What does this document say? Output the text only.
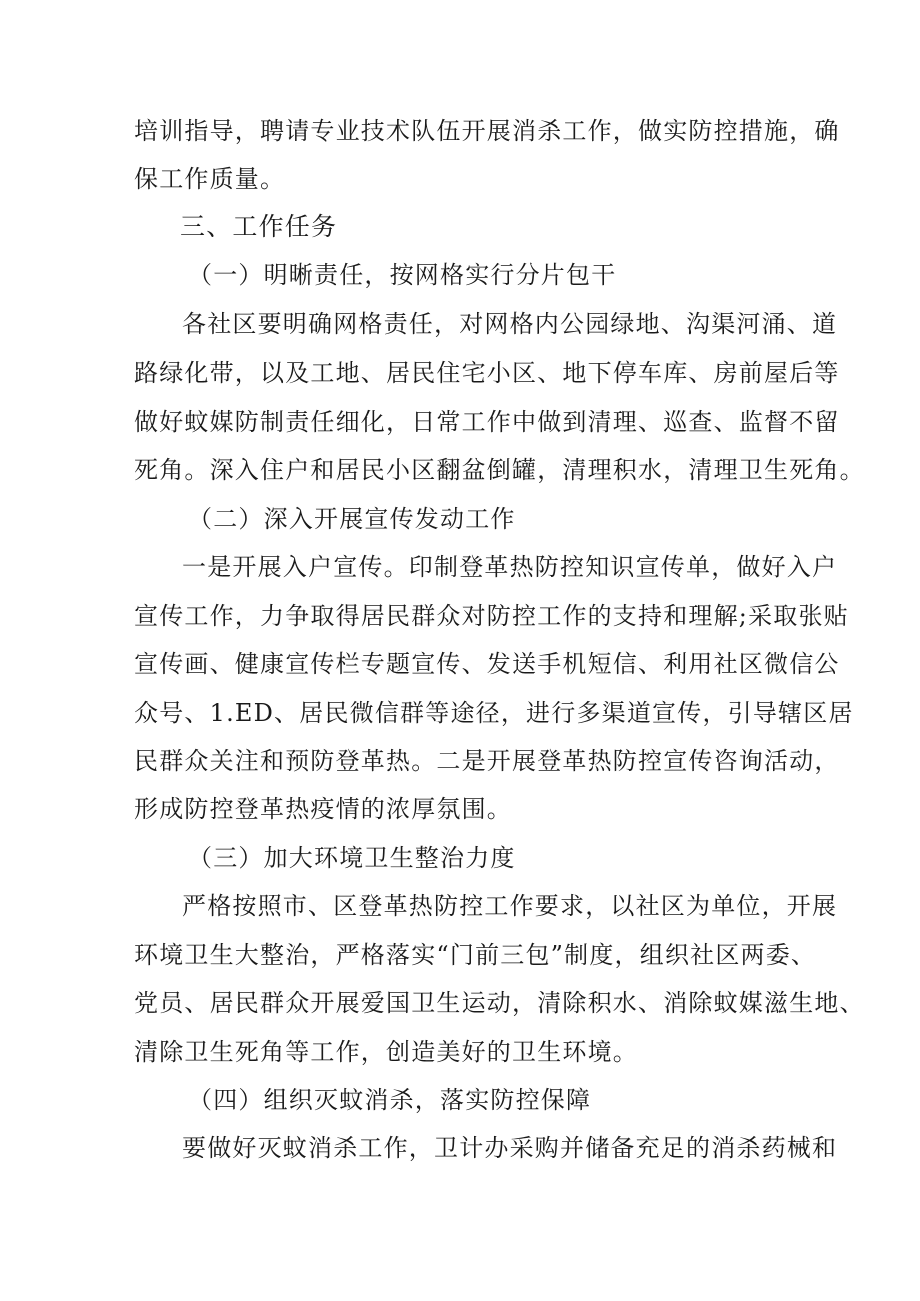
培训指导，聘请专业技术队伍开展消杀工作，做实防控措施，确
保工作质量。
三、工作任务
（一）明晰责任，按网格实行分片包干
各社区要明确网格责任，对网格内公园绿地、沟渠河涌、道
路绿化带，以及工地、居民住宅小区、地下停车库、房前屋后等
做好蚊媒防制责任细化，日常工作中做到清理、巡查、监督不留
死角。深入住户和居民小区翻盆倒罐，清理积水，清理卫生死角。
（二）深入开展宣传发动工作
一是开展入户宣传。印制登革热防控知识宣传单，做好入户
宣传工作，力争取得居民群众对防控工作的支持和理解;采取张贴
宣传画、健康宣传栏专题宣传、发送手机短信、利用社区微信公
众号、1.ED、居民微信群等途径，进行多渠道宣传，引导辖区居
民群众关注和预防登革热。二是开展登革热防控宣传咨询活动，
形成防控登革热疫情的浓厚氛围。
（三）加大环境卫生整治力度
严格按照市、区登革热防控工作要求，以社区为单位，开展
环境卫生大整治，严格落实“门前三包”制度，组织社区两委、
党员、居民群众开展爱国卫生运动，清除积水、消除蚊媒滋生地、
清除卫生死角等工作，创造美好的卫生环境。
（四）组织灭蚊消杀，落实防控保障
要做好灭蚊消杀工作，卫计办采购并储备充足的消杀药械和
